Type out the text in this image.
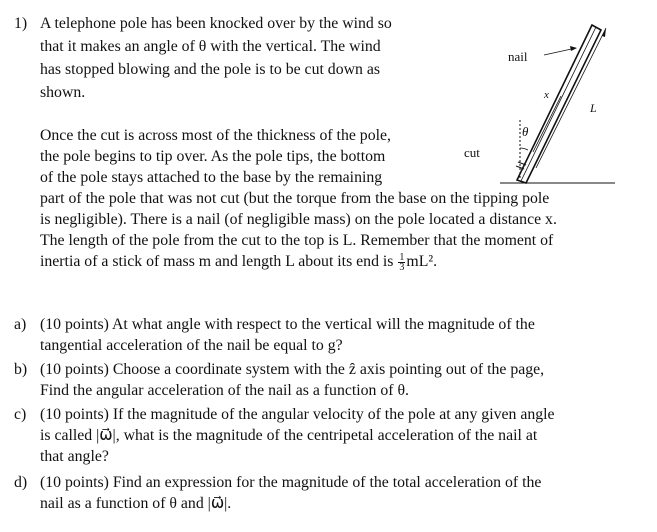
1) A telephone pole has been knocked over by the wind so
that it makes an angle of θ with the vertical. The wind
has stopped blowing and the pole is to be cut down as
shown.
Once the cut is across most of the thickness of the pole,
the pole begins to tip over. As the pole tips, the bottom
of the pole stays attached to the base by the remaining
part of the pole that was not cut (but the torque from the base on the tipping pole
is negligible). There is a nail (of negligible mass) on the pole located a distance x.
The length of the pole from the cut to the top is L. Remember that the moment of
inertia of a stick of mass m and length L about its end is $\frac{1}{3} mL^2$.
nail
x
L
θ
cut
a) (10 points) At what angle with respect to the vertical will the magnitude of the
tangential acceleration of the nail be equal to g?
b) (10 points) Choose a coordinate system with the ẑ axis pointing out of the page,
Find the angular acceleration of the nail as a function of θ.
c) (10 points) If the magnitude of the angular velocity of the pole at any given angle
is called |ω⃗|, what is the magnitude of the centripetal acceleration of the nail at
that angle?
d) (10 points) Find an expression for the magnitude of the total acceleration of the
nail as a function of θ and |ω⃗|.
